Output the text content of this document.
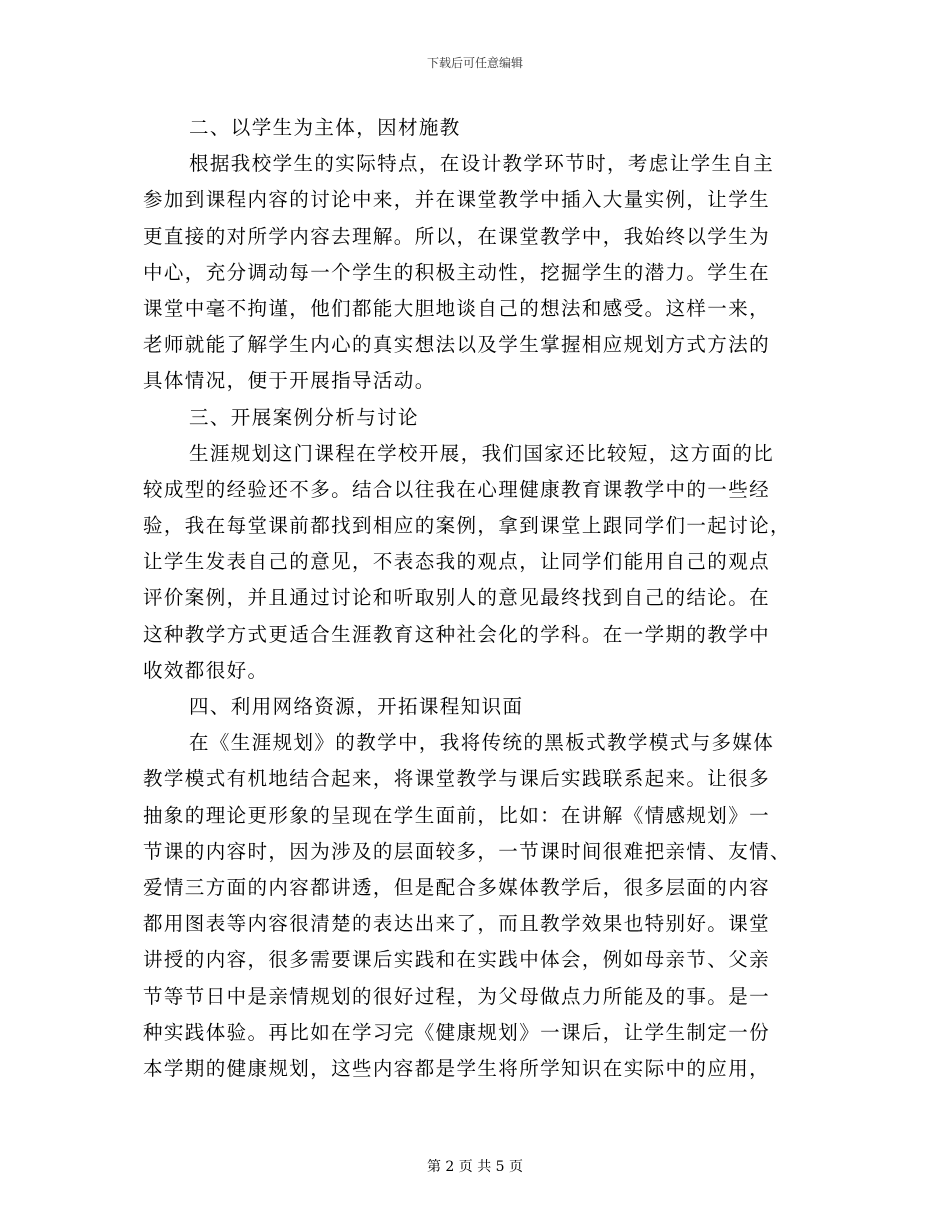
下载后可任意编辑
二、以学生为主体，因材施教
根据我校学生的实际特点，在设计教学环节时，考虑让学生自主
参加到课程内容的讨论中来，并在课堂教学中插入大量实例，让学生
更直接的对所学内容去理解。所以，在课堂教学中，我始终以学生为
中心，充分调动每一个学生的积极主动性，挖掘学生的潜力。学生在
课堂中毫不拘谨，他们都能大胆地谈自己的想法和感受。这样一来，
老师就能了解学生内心的真实想法以及学生掌握相应规划方式方法的
具体情况，便于开展指导活动。
三、开展案例分析与讨论
生涯规划这门课程在学校开展，我们国家还比较短，这方面的比
较成型的经验还不多。结合以往我在心理健康教育课教学中的一些经
验，我在每堂课前都找到相应的案例，拿到课堂上跟同学们一起讨论，
让学生发表自己的意见，不表态我的观点，让同学们能用自己的观点
评价案例，并且通过讨论和听取别人的意见最终找到自己的结论。在
这种教学方式更适合生涯教育这种社会化的学科。在一学期的教学中
收效都很好。
四、利用网络资源，开拓课程知识面
在《生涯规划》的教学中，我将传统的黑板式教学模式与多媒体
教学模式有机地结合起来，将课堂教学与课后实践联系起来。让很多
抽象的理论更形象的呈现在学生面前，比如：在讲解《情感规划》一
节课的内容时，因为涉及的层面较多，一节课时间很难把亲情、友情、
爱情三方面的内容都讲透，但是配合多媒体教学后，很多层面的内容
都用图表等内容很清楚的表达出来了，而且教学效果也特别好。课堂
讲授的内容，很多需要课后实践和在实践中体会，例如母亲节、父亲
节等节日中是亲情规划的很好过程，为父母做点力所能及的事。是一
种实践体验。再比如在学习完《健康规划》一课后，让学生制定一份
本学期的健康规划，这些内容都是学生将所学知识在实际中的应用，
第 2 页 共 5 页
